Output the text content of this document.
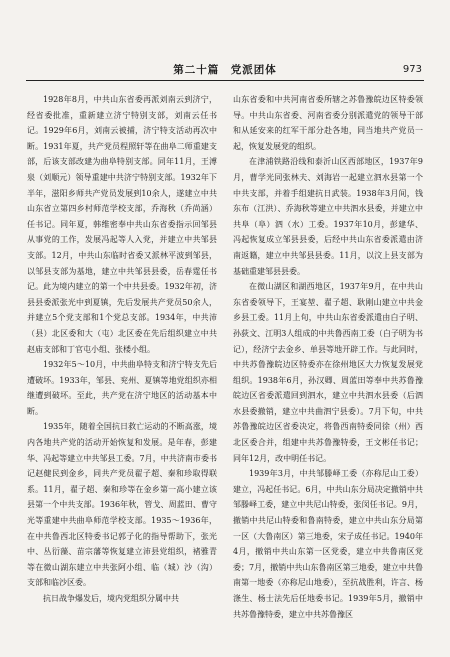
第二十篇　党派团体	973

1928年8月，中共山东省委再派刘南云到济宁，经省委批准，重新建立济宁特别支部，刘南云任书记。1929年6月，刘南云被捕，济宁特支活动再次中断。1931年夏，共产党员程照轩等在曲阜二师重建支部，后该支部改建为曲阜特别支部。同年11月，王溥泉（刘顺元）领导重建中共济宁特别支部。1932年下半年，滋阳乡师共产党员发展到10余人，遂建立中共山东省立第四乡村师范学校支部，乔海秋（乔尚涵）任书记。同年夏，韩维密奉中共山东省委指示回邹县从事党的工作，发展冯起等人入党，并建立中共邹县支部。12月，中共山东临时省委又派林平波到邹县，以邹县支部为基地，建立中共邹县县委，岳春霆任书记。此为境内建立的第一个中共县委。1932年初，济县县委派张光中到夏镇，先后发展共产党员50余人，并建立5个党支部和1个党总支部。1934年，中共沛（县）北区委和大（屯）北区委在先后组织建立中共赵庙支部和丁官屯小组、张楼小组。

1932年5～10月，中共曲阜特支和济宁特支先后遭破坏。1933年，邹县、兖州、夏镇等地党组织亦相继遭到破坏。至此，共产党在济宁地区的活动基本中断。

1935年，随着全国抗日救亡运动的不断高涨，境内各地共产党的活动开始恢复和发展。是年春，彭建华、冯起等建立中共邹县工委。7月，中共济南市委书记赵健民到金乡，同共产党员翟子超、秦和珍取得联系。11月，翟子超、秦和珍等在金乡第一高小建立该县第一个中共支部。1936年秋，管戈、周蓝田、曹守光等重建中共曲阜师范学校支部。1935～1936年，在中共鲁西北区特委书记郭子化的指导帮助下，张光中、丛衍藻、苗宗藩等恢复建立沛县党组织，褚雅青等在微山湖东建立中共张阿小组、临（城）沙（沟）支部和临沙区委。

抗日战争爆发后，境内党组织分属中共

山东省委和中共河南省委所辖之苏鲁豫皖边区特委领导。中共山东省委、河南省委分别派遣党的领导干部和从延安来的红军干部分赴各地，同当地共产党员一起，恢复发展党的组织。

在津浦铁路沿线和泰沂山区西部地区，1937年9月，曹学光同张林夫、刘海岩一起建立泗水县第一个中共支部，并着手组建抗日武装。1938年3月间，钱东布（江洪）、乔海秋等建立中共泗水县委，并建立中共阜（阜）泗（水）工委。1937年10月，彭建华、冯起恢复成立邹县县委，后经中共山东省委派遣由济南返籍，建立中共邹县县委。11月，以汶上县支部为基础重建邹县县委。

在微山湖区和湖西地区，1937年9月，在中共山东省委领导下，王宴堃、翟子超、耿刚山建立中共金乡县工委。11月上旬，中共山东省委派遣由白子明、孙荻文、江明3人组成的中共鲁西南工委（白子明为书记），经济宁去金乡、单县等地开辟工作。与此同时，中共苏鲁豫皖边区特委亦在徐州地区大力恢复发展党组织。1938年6月，孙汉卿、周蓝田等奉中共苏鲁豫皖边区省委派遣回到泗水，建立中共泗水县委（后泗水县委撤销，建立中共曲泗宁县委）。7月下旬，中共苏鲁豫皖边区省委决定，将鲁西南特委同徐（州）西北区委合并，组建中共苏鲁豫特委，王文彬任书记；同年12月，改中明任书记。

1939年3月，中共邹滕峄工委（亦称尼山工委）建立，冯起任书记。6月，中共山东分局决定撤销中共邹滕峄工委，建立中共尼山特委，张闵任书记。9月，撤销中共尼山特委和鲁南特委，建立中共山东分局第一区（大鲁南区）第三地委，宋子成任书记。1940年4月，撤销中共山东第一区党委，建立中共鲁南区党委；7月，撤销中共山东鲁南区第三地委，建立中共鲁南第一地委（亦称尼山地委），至抗战胜利，许言、杨涤生、杨士法先后任地委书记。1939年5月，撤销中共苏鲁豫特委，建立中共苏鲁豫区
